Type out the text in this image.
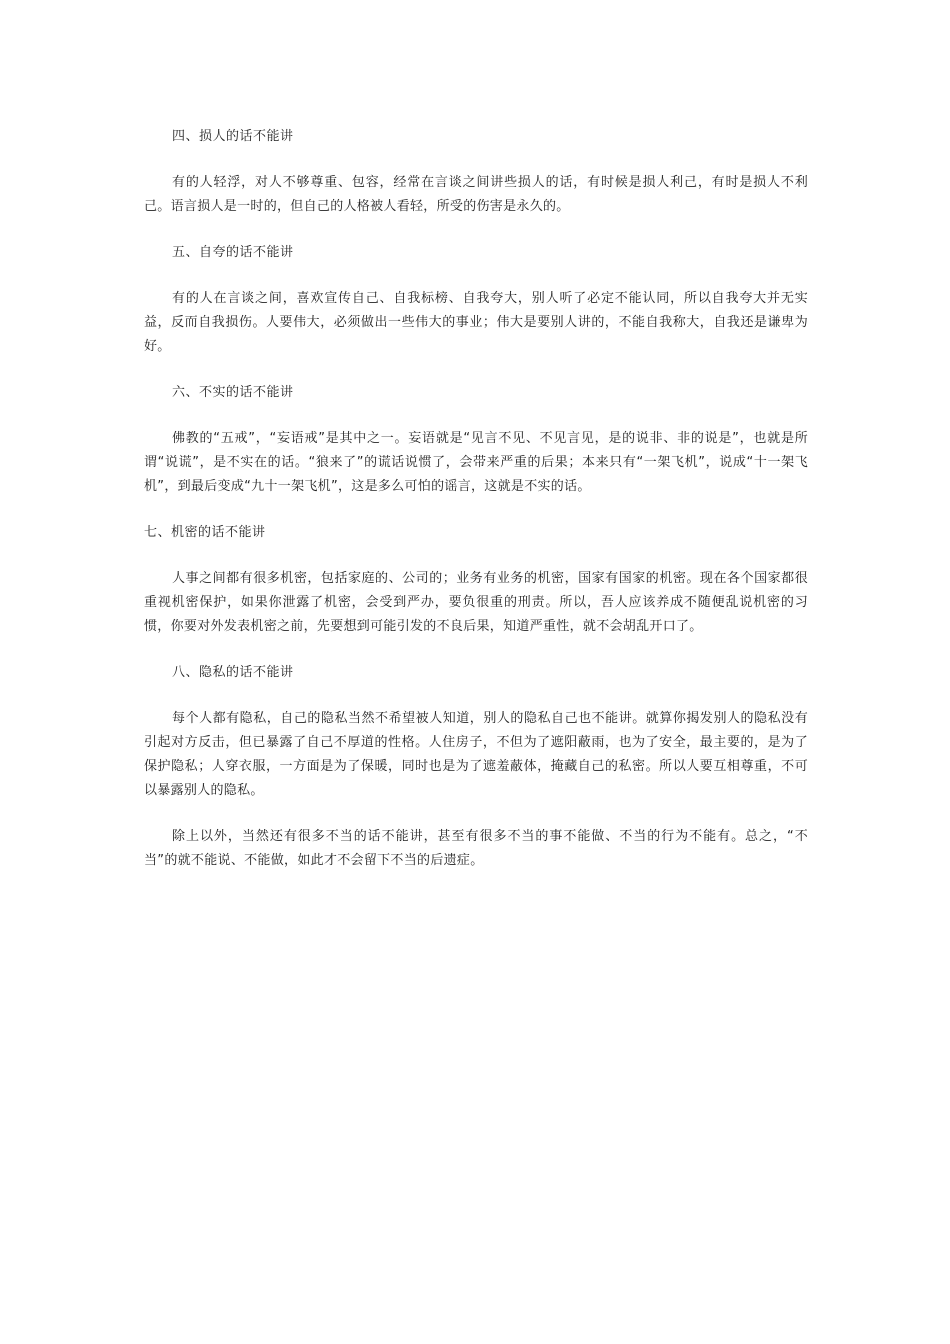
四、损人的话不能讲

有的人轻浮，对人不够尊重、包容，经常在言谈之间讲些损人的话，有时候是损人利己，有时是损人不利己。语言损人是一时的，但自己的人格被人看轻，所受的伤害是永久的。

五、自夸的话不能讲

有的人在言谈之间，喜欢宣传自己、自我标榜、自我夸大，别人听了必定不能认同，所以自我夸大并无实益，反而自我损伤。人要伟大，必须做出一些伟大的事业；伟大是要别人讲的，不能自我称大，自我还是谦卑为好。

六、不实的话不能讲

佛教的“五戒”，“妄语戒”是其中之一。妄语就是“见言不见、不见言见，是的说非、非的说是”，也就是所谓“说谎”，是不实在的话。“狼来了”的谎话说惯了，会带来严重的后果；本来只有“一架飞机”，说成“十一架飞机”，到最后变成“九十一架飞机”，这是多么可怕的谣言，这就是不实的话。

七、机密的话不能讲

人事之间都有很多机密，包括家庭的、公司的；业务有业务的机密，国家有国家的机密。现在各个国家都很重视机密保护，如果你泄露了机密，会受到严办，要负很重的刑责。所以，吾人应该养成不随便乱说机密的习惯，你要对外发表机密之前，先要想到可能引发的不良后果，知道严重性，就不会胡乱开口了。

八、隐私的话不能讲

每个人都有隐私，自己的隐私当然不希望被人知道，别人的隐私自己也不能讲。就算你揭发别人的隐私没有引起对方反击，但已暴露了自己不厚道的性格。人住房子，不但为了遮阳蔽雨，也为了安全，最主要的，是为了保护隐私；人穿衣服，一方面是为了保暖，同时也是为了遮羞蔽体，掩藏自己的私密。所以人要互相尊重，不可以暴露别人的隐私。

除上以外，当然还有很多不当的话不能讲，甚至有很多不当的事不能做、不当的行为不能有。总之，“不当”的就不能说、不能做，如此才不会留下不当的后遗症。
